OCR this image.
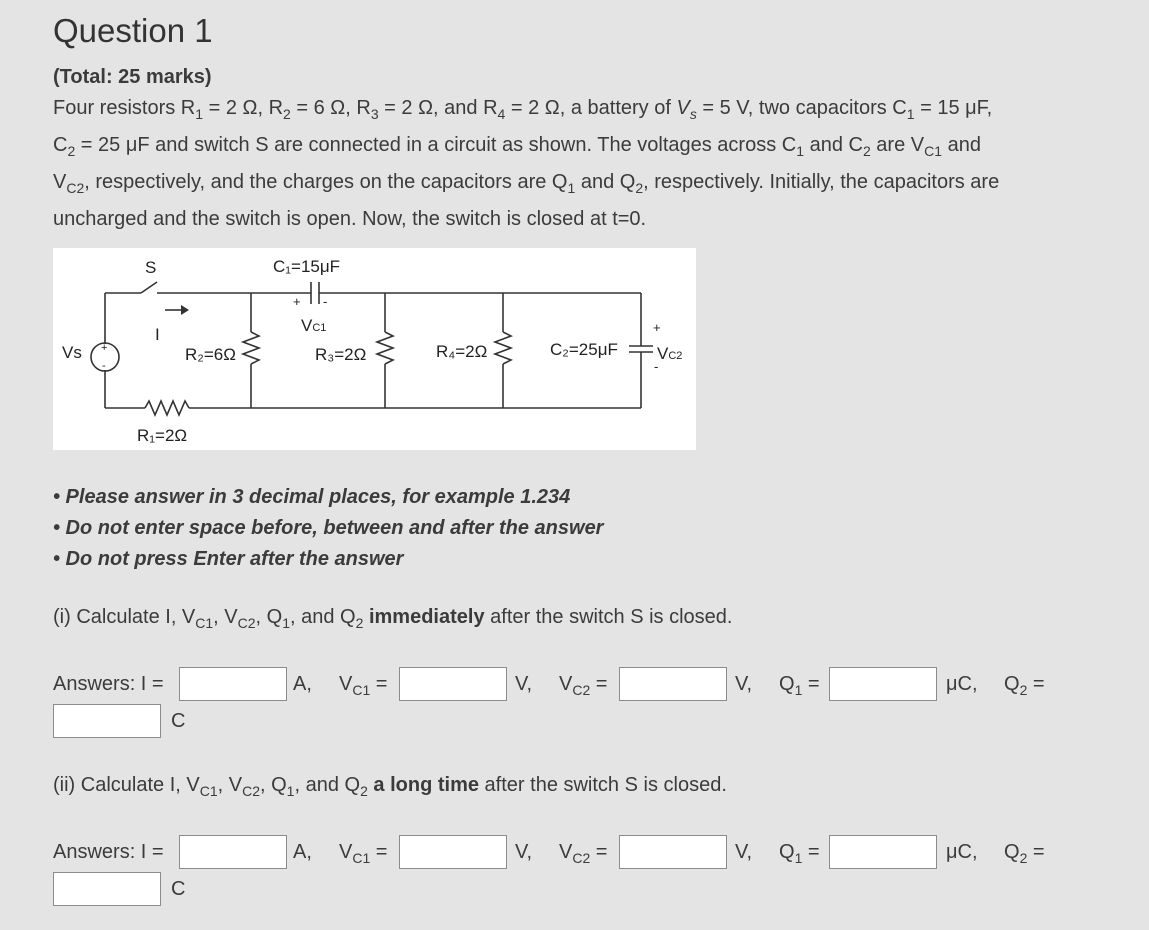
Question 1
(Total: 25 marks)
Four resistors $R_1 = 2$ Ω, $R_2 = 6$ Ω, $R_3 = 2$ Ω, and $R_4 = 2$ Ω, a battery of $V_s = 5$ V, two capacitors $C_1 = 15$ μF,
$C_2 = 25$ μF and switch S are connected in a circuit as shown. The voltages across $C_1$ and $C_2$ are $V_{C1}$ and
$V_{C2}$, respectively, and the charges on the capacitors are $Q_1$ and $Q_2$, respectively. Initially, the capacitors are
uncharged and the switch is open. Now, the switch is closed at t=0.
S
I
Vs +
-
C₁=15μF
+ -
VC1
R₂=6Ω	R₃=2Ω	R₄=2Ω	C₂=25μF
+
-
VC2
R₁=2Ω
• Please answer in 3 decimal places, for example 1.234
• Do not enter space before, between and after the answer
• Do not press Enter after the answer
(i) Calculate I, $V_{C1}$, $V_{C2}$, $Q_1$, and $Q_2$ immediately after the switch S is closed.
Answers: I =	A, $V_{C1}$ =	V, $V_{C2}$ =	V, $Q_1$ =	μC, $Q_2$ =
C
(ii) Calculate I, $V_{C1}$, $V_{C2}$, $Q_1$, and $Q_2$ a long time after the switch S is closed.
Answers: I =	A, $V_{C1}$ =	V, $V_{C2}$ =	V, $Q_1$ =	μC, $Q_2$ =
C
